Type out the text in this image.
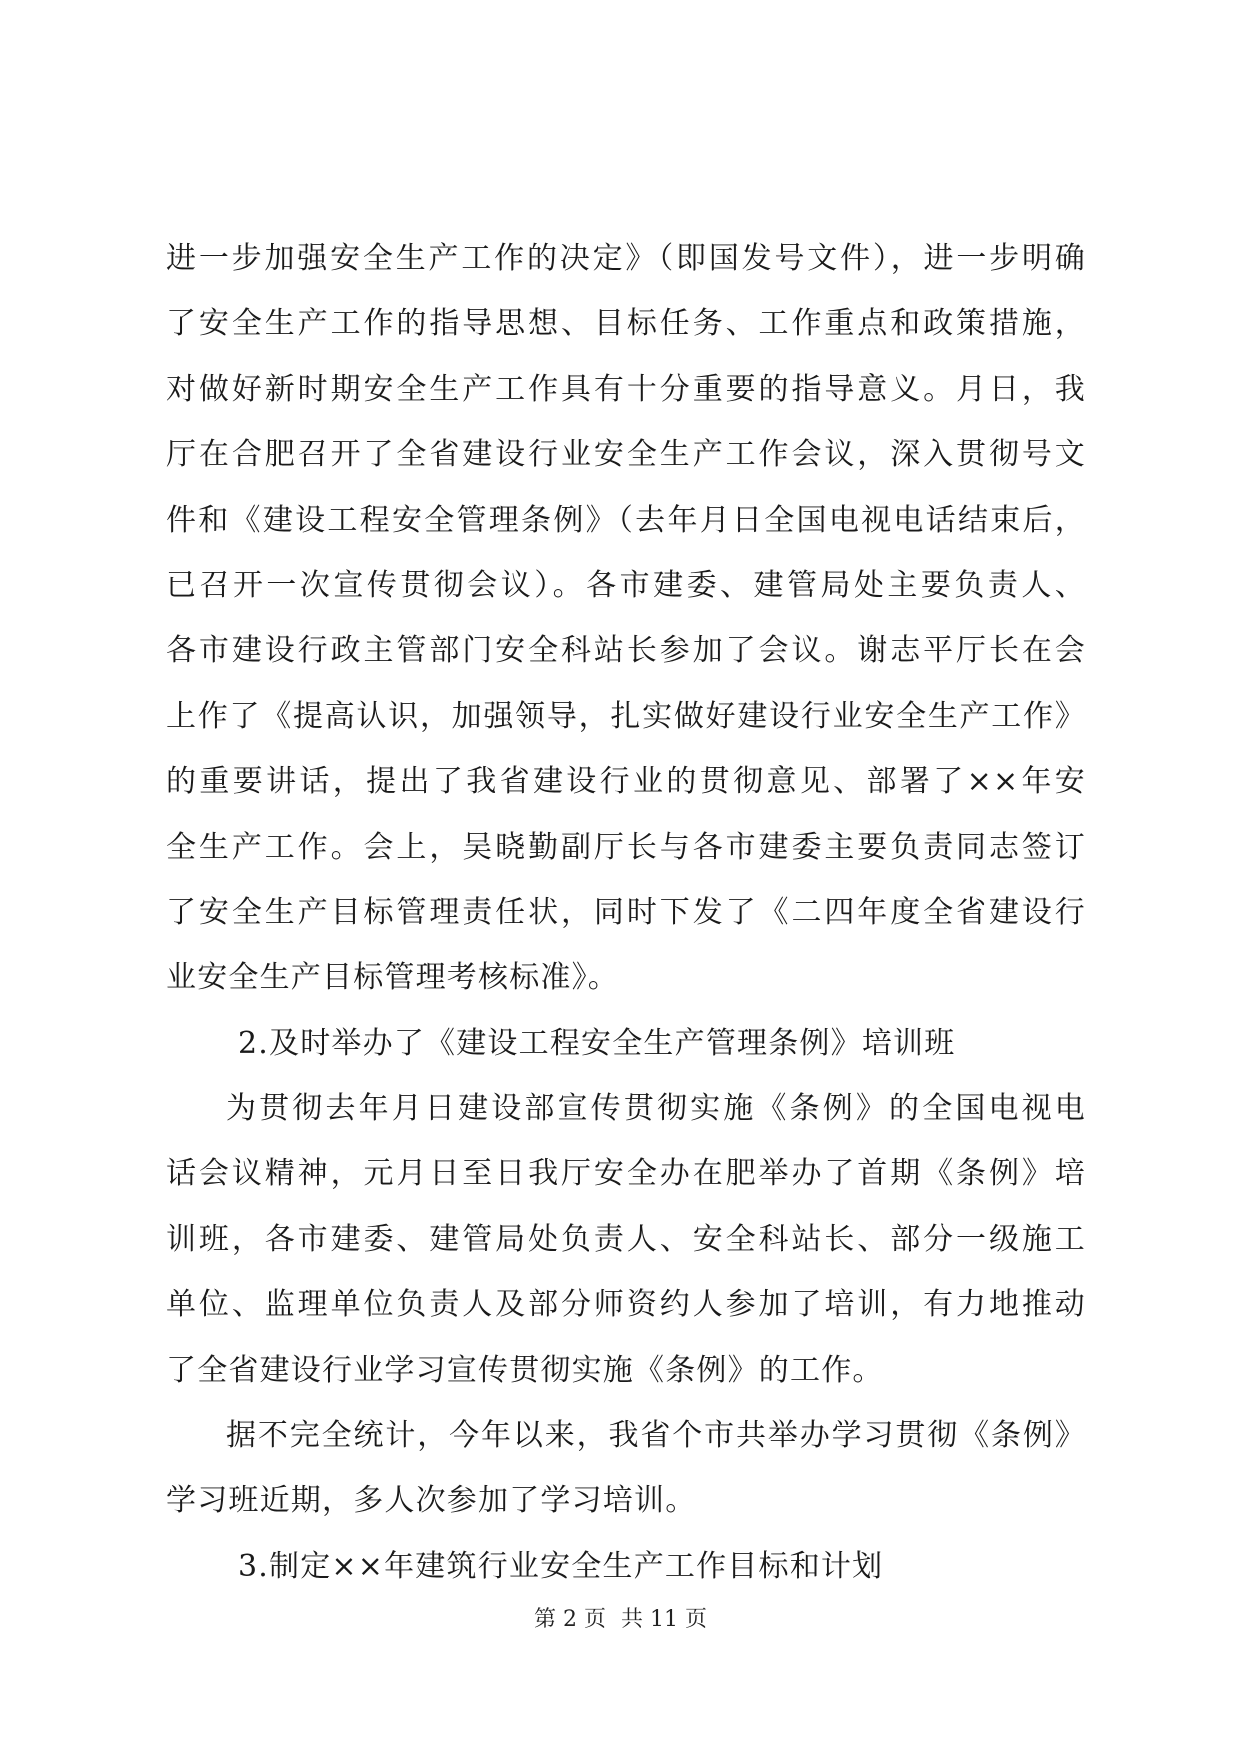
进一步加强安全生产工作的决定》（即国发号文件），进一步明确
了安全生产工作的指导思想、目标任务、工作重点和政策措施，
对做好新时期安全生产工作具有十分重要的指导意义。月日，我
厅在合肥召开了全省建设行业安全生产工作会议，深入贯彻号文
件和《建设工程安全管理条例》（去年月日全国电视电话结束后，
已召开一次宣传贯彻会议）。各市建委、建管局处主要负责人、
各市建设行政主管部门安全科站长参加了会议。谢志平厅长在会
上作了《提高认识，加强领导，扎实做好建设行业安全生产工作》
的重要讲话，提出了我省建设行业的贯彻意见、部署了××年安
全生产工作。会上，吴晓勤副厅长与各市建委主要负责同志签订
了安全生产目标管理责任状，同时下发了《二四年度全省建设行
业安全生产目标管理考核标准》。
2.及时举办了《建设工程安全生产管理条例》培训班
为贯彻去年月日建设部宣传贯彻实施《条例》的全国电视电
话会议精神，元月日至日我厅安全办在肥举办了首期《条例》培
训班，各市建委、建管局处负责人、安全科站长、部分一级施工
单位、监理单位负责人及部分师资约人参加了培训，有力地推动
了全省建设行业学习宣传贯彻实施《条例》的工作。
据不完全统计，今年以来，我省个市共举办学习贯彻《条例》
学习班近期，多人次参加了学习培训。
3.制定××年建筑行业安全生产工作目标和计划
第 2 页 共 11 页
